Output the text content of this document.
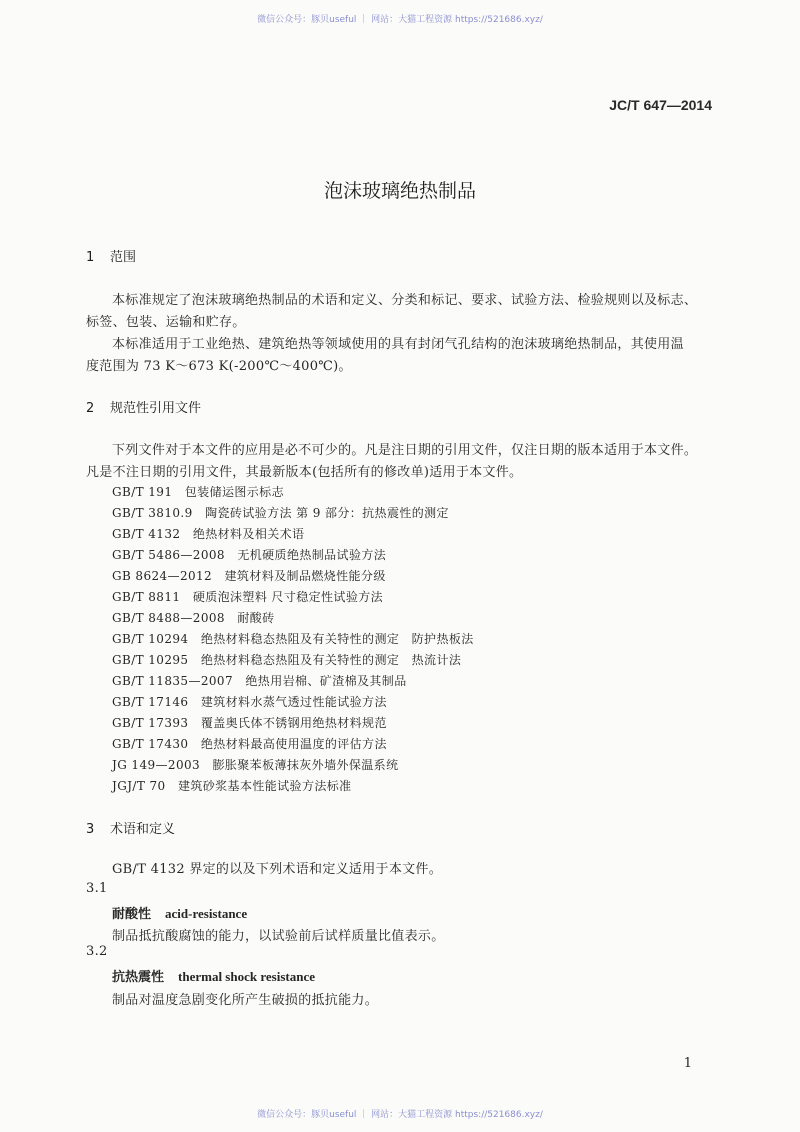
微信公众号：豚贝useful ｜ 网站：大猫工程资源 https://521686.xyz/
JC/T 647—2014
泡沫玻璃绝热制品
1 范围
本标准规定了泡沫玻璃绝热制品的术语和定义、分类和标记、要求、试验方法、检验规则以及标志、
标签、包装、运输和贮存。
本标准适用于工业绝热、建筑绝热等领域使用的具有封闭气孔结构的泡沫玻璃绝热制品，其使用温
度范围为 73 K～673 K(-200℃～400℃)。
2 规范性引用文件
下列文件对于本文件的应用是必不可少的。凡是注日期的引用文件，仅注日期的版本适用于本文件。
凡是不注日期的引用文件，其最新版本(包括所有的修改单)适用于本文件。
GB/T 191　 包装储运图示标志
GB/T 3810.9　 陶瓷砖试验方法 第 9 部分：抗热震性的测定
GB/T 4132　 绝热材料及相关术语
GB/T 5486—2008　 无机硬质绝热制品试验方法
GB 8624—2012　 建筑材料及制品燃烧性能分级
GB/T 8811　 硬质泡沫塑料 尺寸稳定性试验方法
GB/T 8488—2008　 耐酸砖
GB/T 10294　 绝热材料稳态热阻及有关特性的测定　防护热板法
GB/T 10295　 绝热材料稳态热阻及有关特性的测定　热流计法
GB/T 11835—2007　 绝热用岩棉、矿渣棉及其制品
GB/T 17146　 建筑材料水蒸气透过性能试验方法
GB/T 17393　 覆盖奥氏体不锈钢用绝热材料规范
GB/T 17430　 绝热材料最高使用温度的评估方法
JG 149—2003　 膨胀聚苯板薄抹灰外墙外保温系统
JGJ/T 70　 建筑砂浆基本性能试验方法标准
3 术语和定义
GB/T 4132 界定的以及下列术语和定义适用于本文件。
3.1
耐酸性 acid-resistance
制品抵抗酸腐蚀的能力，以试验前后试样质量比值表示。
3.2
抗热震性 thermal shock resistance
制品对温度急剧变化所产生破损的抵抗能力。
1
微信公众号：豚贝useful ｜ 网站：大猫工程资源 https://521686.xyz/
